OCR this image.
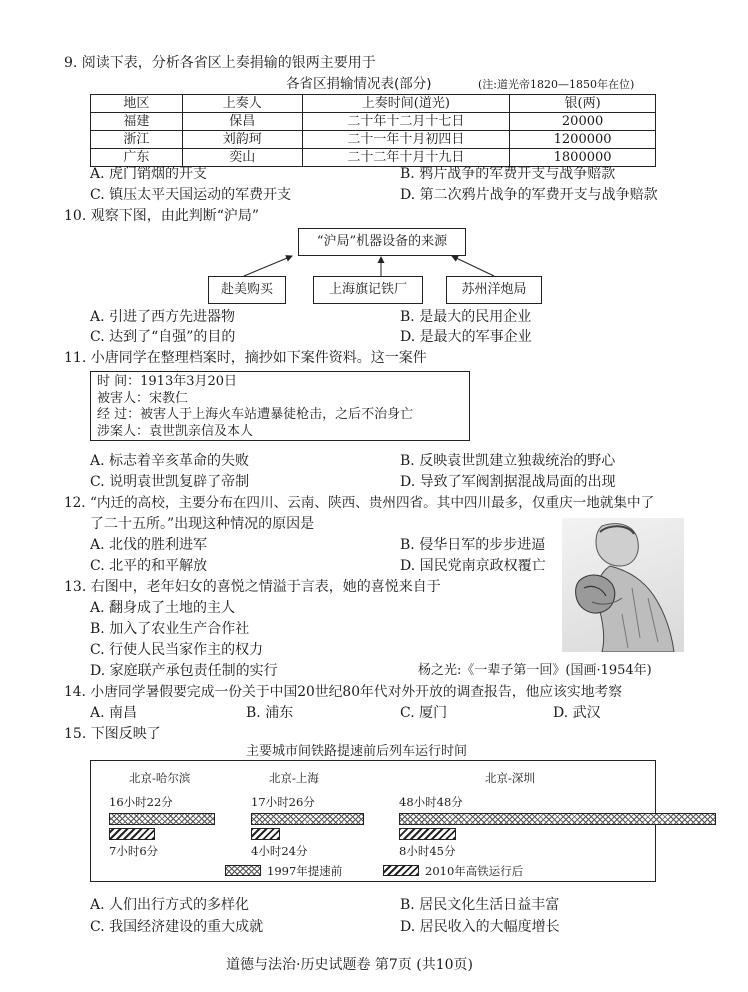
9. 阅读下表，分析各省区上奏捐输的银两主要用于
各省区捐输情况表(部分)	(注:道光帝1820—1850年在位)
地区	上奏人	上奏时间(道光)	银(两)
福建	保昌	二十年十二月十七日	20000
浙江	刘韵珂	二十一年十月初四日	1200000
广东	奕山	二十二年十月十九日	1800000
A. 虎门销烟的开支	B. 鸦片战争的军费开支与战争赔款
C. 镇压太平天国运动的军费开支	D. 第二次鸦片战争的军费开支与战争赔款
10. 观察下图，由此判断“沪局”
“沪局”机器设备的来源
赴美购买	上海旗记铁厂	苏州洋炮局
A. 引进了西方先进器物	B. 是最大的民用企业
C. 达到了“自强”的目的	D. 是最大的军事企业
11. 小唐同学在整理档案时，摘抄如下案件资料。这一案件
时 间：1913年3月20日
被害人：宋教仁
经 过：被害人于上海火车站遭暴徒枪击，之后不治身亡
涉案人：袁世凯亲信及本人
A. 标志着辛亥革命的失败	B. 反映袁世凯建立独裁统治的野心
C. 说明袁世凯复辟了帝制	D. 导致了军阀割据混战局面的出现
12. “内迁的高校，主要分布在四川、云南、陕西、贵州四省。其中四川最多，仅重庆一地就集中了
了二十五所。”出现这种情况的原因是
A. 北伐的胜利进军	B. 侵华日军的步步进逼
C. 北平的和平解放	D. 国民党南京政权覆亡
13. 右图中，老年妇女的喜悦之情溢于言表，她的喜悦来自于
A. 翻身成了土地的主人
B. 加入了农业生产合作社
C. 行使人民当家作主的权力
D. 家庭联产承包责任制的实行	杨之光:《一辈子第一回》(国画·1954年)
14. 小唐同学暑假要完成一份关于中国20世纪80年代对外开放的调查报告，他应该实地考察
A. 南昌	B. 浦东	C. 厦门	D. 武汉
15. 下图反映了
主要城市间铁路提速前后列车运行时间
北京-哈尔滨	北京-上海	北京-深圳
16小时22分	17小时26分	48小时48分
7小时6分	4小时24分	8小时45分
1997年提速前	2010年高铁运行后
A. 人们出行方式的多样化	B. 居民文化生活日益丰富
C. 我国经济建设的重大成就	D. 居民收入的大幅度增长
道德与法治·历史试题卷 第7页 (共10页)
